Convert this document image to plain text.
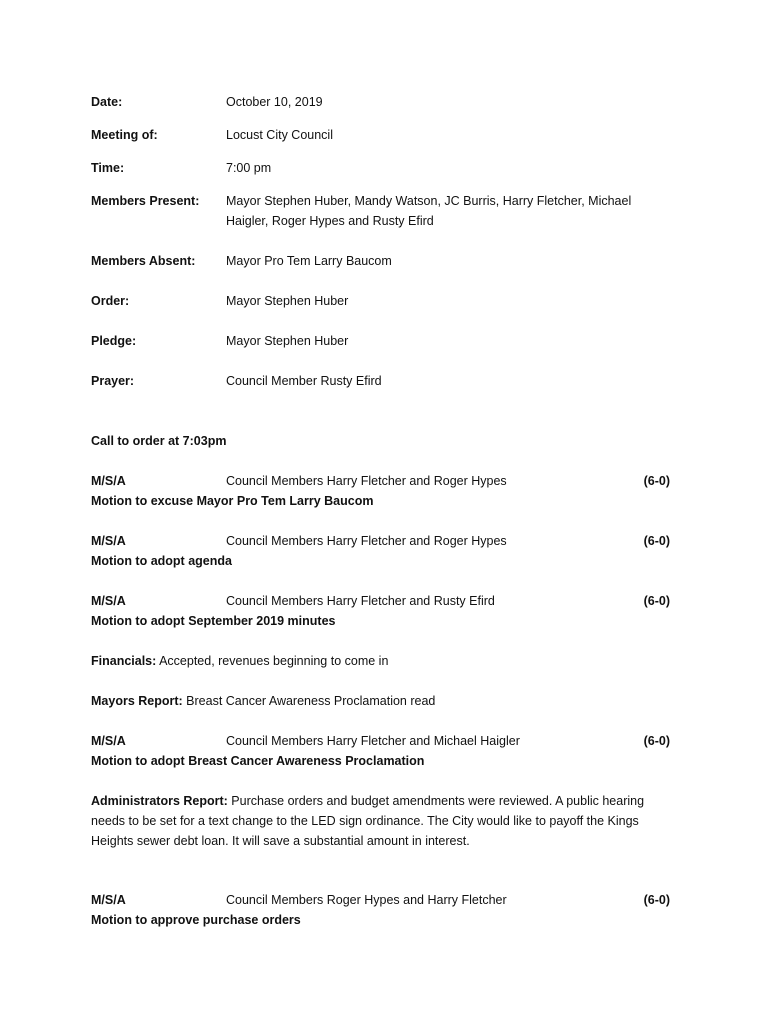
Date:	October 10, 2019
Meeting of:	Locust City Council
Time:	7:00 pm
Members Present: Mayor Stephen Huber, Mandy Watson, JC Burris, Harry Fletcher, Michael Haigler, Roger Hypes and Rusty Efird
Members Absent: Mayor Pro Tem Larry Baucom
Order:	Mayor Stephen Huber
Pledge:	Mayor Stephen Huber
Prayer:	Council Member Rusty Efird
Call to order at 7:03pm
M/S/A	Council Members Harry Fletcher and Roger Hypes	(6-0)
Motion to excuse Mayor Pro Tem Larry Baucom
M/S/A	Council Members Harry Fletcher and Roger Hypes	(6-0)
Motion to adopt agenda
M/S/A	Council Members Harry Fletcher and Rusty Efird	(6-0)
Motion to adopt September 2019 minutes
Financials: Accepted, revenues beginning to come in
Mayors Report: Breast Cancer Awareness Proclamation read
M/S/A	Council Members Harry Fletcher and Michael Haigler	(6-0)
Motion to adopt Breast Cancer Awareness Proclamation
Administrators Report: Purchase orders and budget amendments were reviewed. A public hearing needs to be set for a text change to the LED sign ordinance. The City would like to payoff the Kings Heights sewer debt loan. It will save a substantial amount in interest.
M/S/A	Council Members Roger Hypes and Harry Fletcher	(6-0)
Motion to approve purchase orders
